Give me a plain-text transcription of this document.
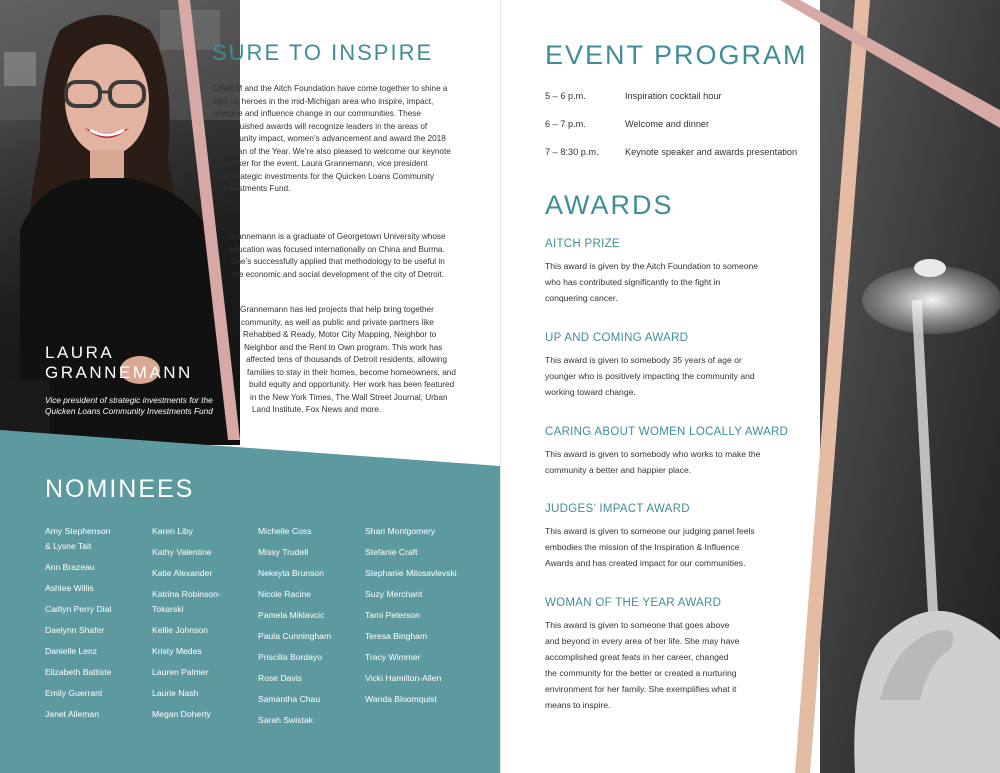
SURE TO INSPIRE
CAWLM and the Aitch Foundation have come together to shine a
light on heroes in the mid-Michigan area who inspire, impact,
imagine and influence change in our communities. These
distinguished awards will recognize leaders in the areas of
community impact, women’s advancement and award the 2018
Woman of the Year. We’re also pleased to welcome our keynote
speaker for the event, Laura Grannemann, vice president
of strategic investments for the Quicken Loans Community
Investments Fund.
Grannemann is a graduate of Georgetown University whose
education was focused internationally on China and Burma.
She’s successfully applied that methodology to be useful in
the economic and social development of the city of Detroit.
Grannemann has led projects that help bring together
community, as well as public and private partners like
Rehabbed & Ready, Motor City Mapping, Neighbor to
Neighbor and the Rent to Own program. This work has
affected tens of thousands of Detroit residents, allowing
families to stay in their homes, become homeowners, and
build equity and opportunity. Her work has been featured
in the New York Times, The Wall Street Journal, Urban
Land Institute, Fox News and more.
LAURA
GRANNEMANN
Vice president of strategic investments for the
Quicken Loans Community Investments Fund
NOMINEES
Amy Stephenson
& Lysne Tait
Ann Brazeau
Ashlee Willis
Caitlyn Perry Dial
Daelynn Shafer
Danielle Lenz
Elizabeth Battiste
Emily Guerrant
Janet Alleman
Karen Liby
Kathy Valentine
Katie Alexander
Katrina Robinson-
Tokarski
Kellie Johnson
Kristy Medes
Lauren Palmer
Laurie Nash
Megan Doherty
Michelle Coss
Missy Trudell
Nekeyta Brunson
Nicole Racine
Pamela Miklavcic
Paula Cunningham
Priscilla Bordayo
Rose Davis
Samantha Chau
Sarah Swistak
Shari Montgomery
Stefanie Craft
Stephanie Milosavlevski
Suzy Merchant
Tami Peterson
Teresa Bingham
Tracy Wimmer
Vicki Hamilton-Allen
Wanda Bloomquist
EVENT PROGRAM
5 – 6 p.m.	Inspiration cocktail hour
6 – 7 p.m.	Welcome and dinner
7 – 8:30 p.m.	Keynote speaker and awards presentation
AWARDS
AITCH PRIZE
This award is given by the Aitch Foundation to someone
who has contributed significantly to the fight in
conquering cancer.
UP AND COMING AWARD
This award is given to somebody 35 years of age or
younger who is positively impacting the community and
working toward change.
CARING ABOUT WOMEN LOCALLY AWARD
This award is given to somebody who works to make the
community a better and happier place.
JUDGES’ IMPACT AWARD
This award is given to someone our judging panel feels
embodies the mission of the Inspiration & Influence
Awards and has created impact for our communities.
WOMAN OF THE YEAR AWARD
This award is given to someone that goes above
and beyond in every area of her life. She may have
accomplished great feats in her career, changed
the community for the better or created a nurturing
environment for her family. She exemplifies what it
means to inspire.
